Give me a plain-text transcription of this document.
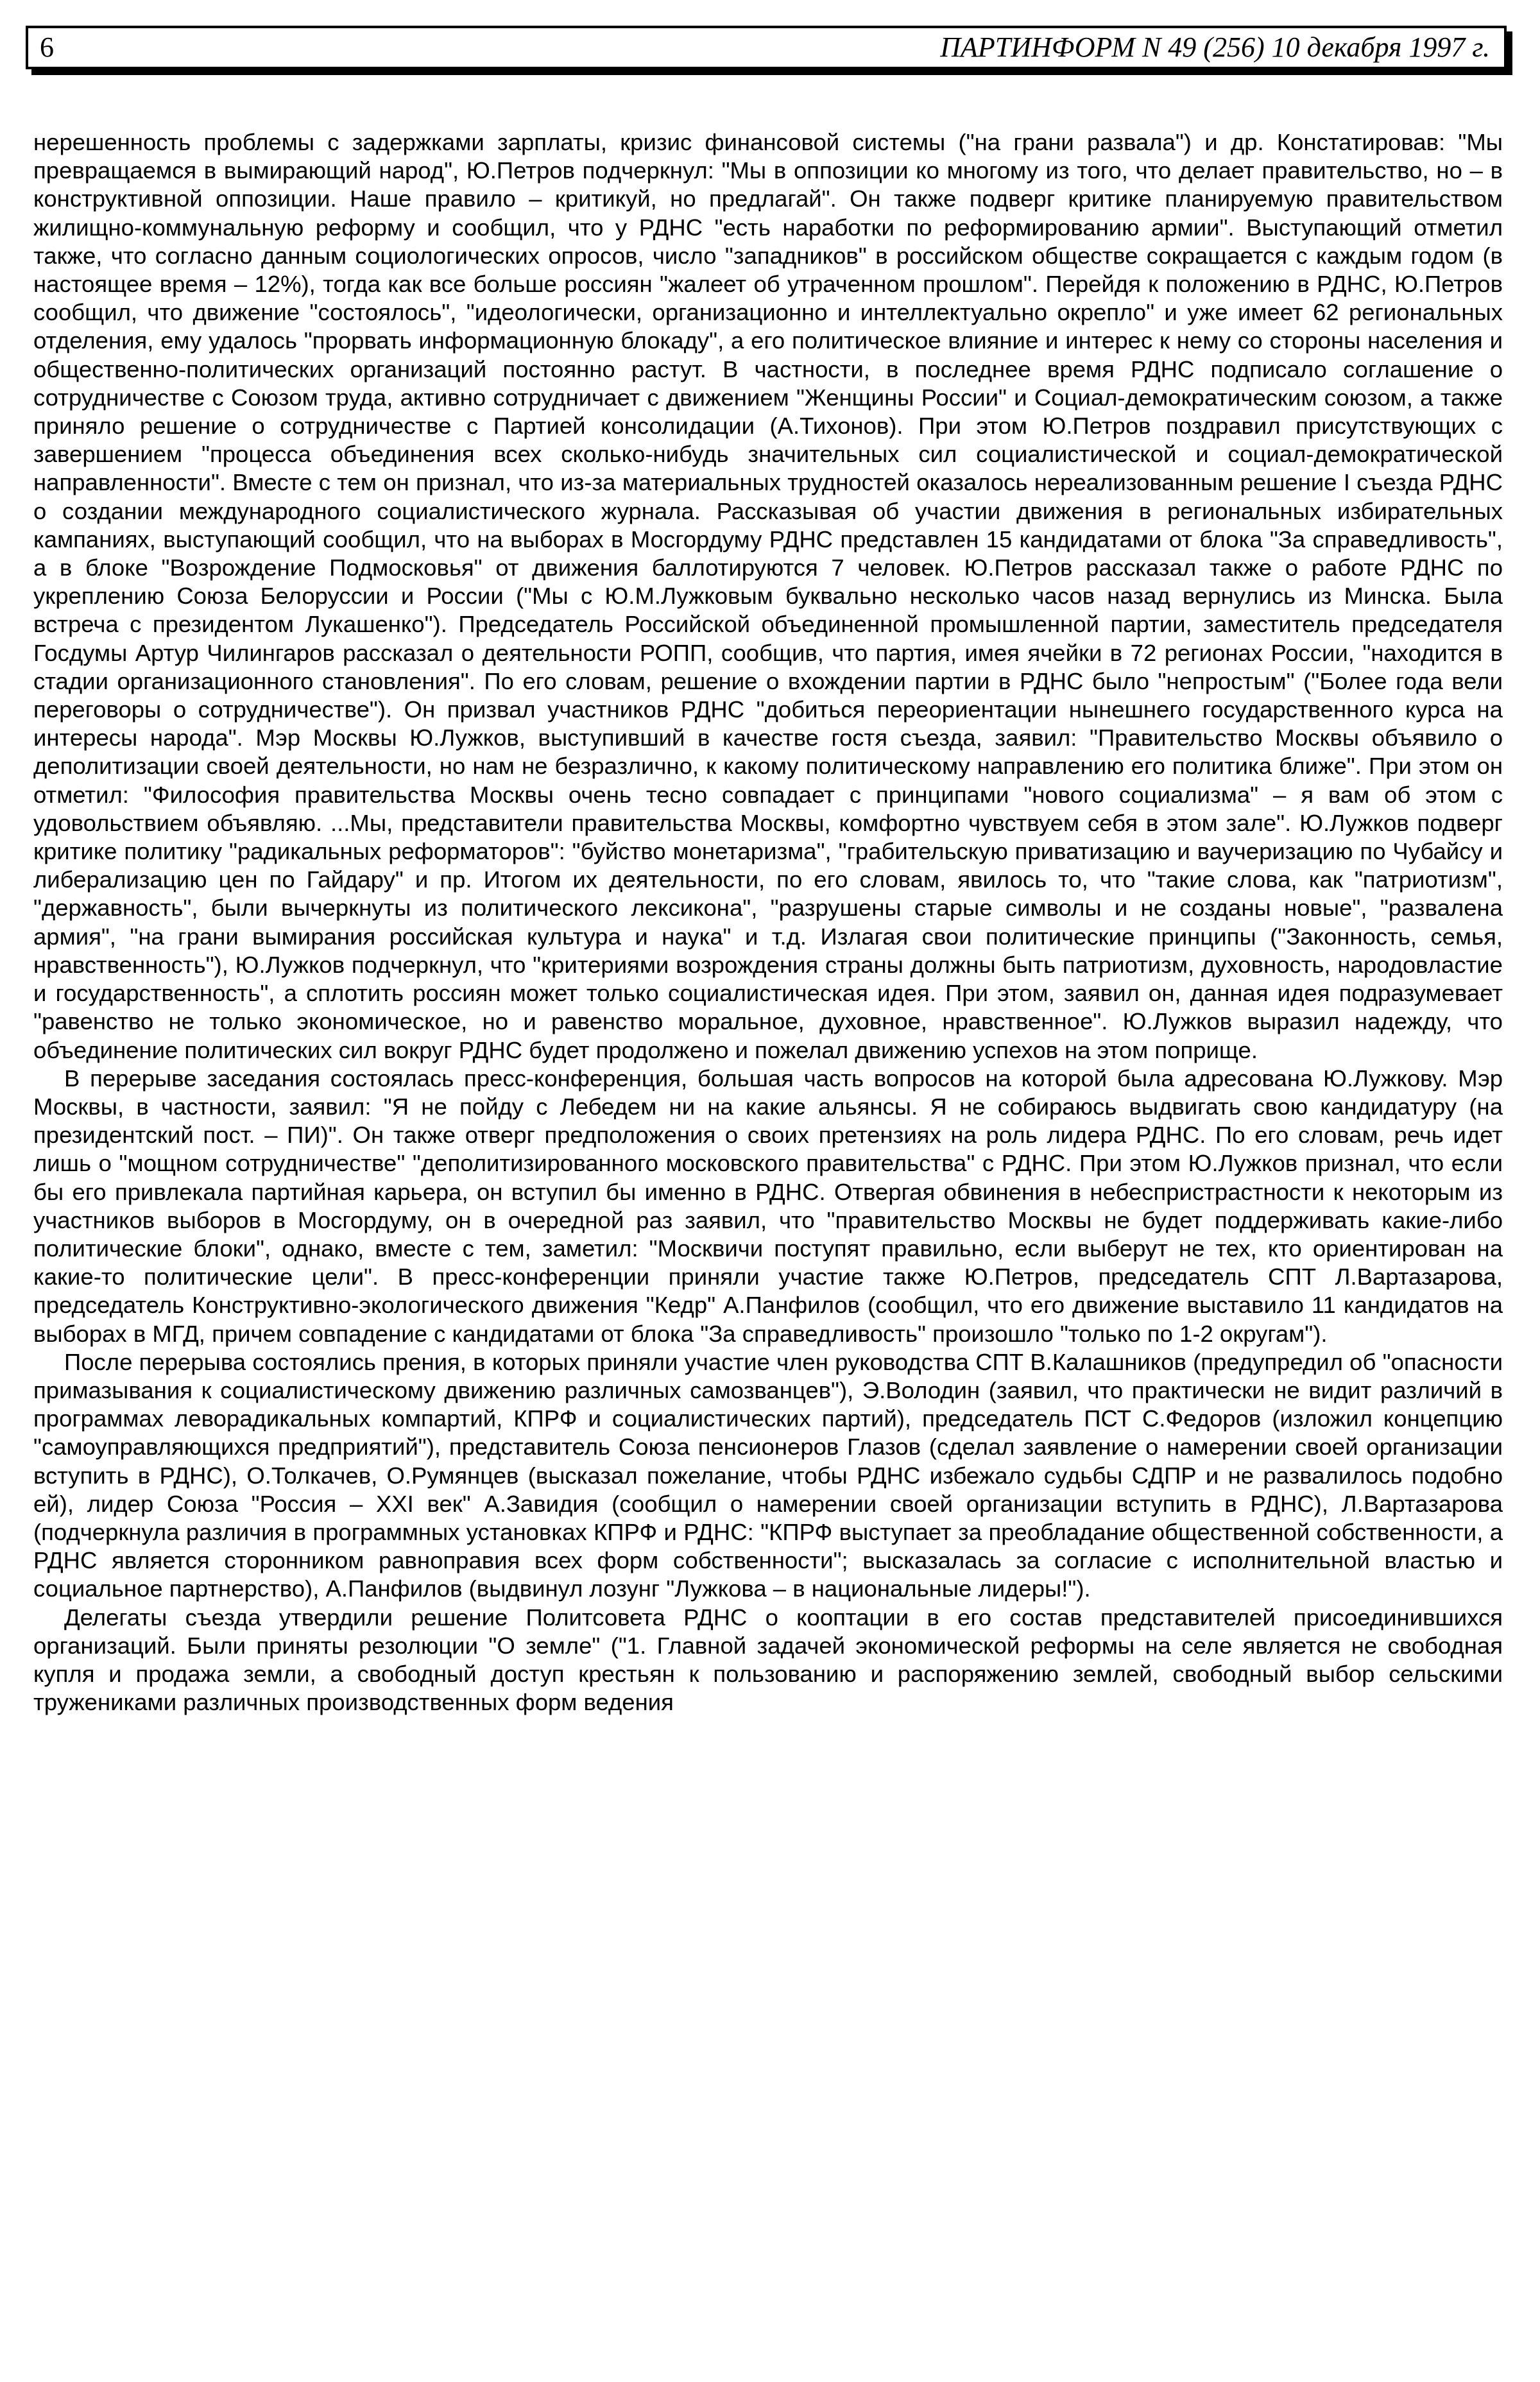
6	ПАРТИНФОРМ N 49 (256) 10 декабря 1997 г.

нерешенность проблемы с задержками зарплаты, кризис финансовой системы ("на грани развала") и др. Констатировав: "Мы превращаемся в вымирающий народ", Ю.Петров подчеркнул: "Мы в оппозиции ко многому из того, что делает правительство, но – в конструктивной оппозиции. Наше правило – критикуй, но предлагай". Он также подверг критике планируемую правительством жилищно-коммунальную реформу и сообщил, что у РДНС "есть наработки по реформированию армии". Выступающий отметил также, что согласно данным социологических опросов, число "западников" в российском обществе сокращается с каждым годом (в настоящее время – 12%), тогда как все больше россиян "жалеет об утраченном прошлом". Перейдя к положению в РДНС, Ю.Петров сообщил, что движение "состоялось", "идеологически, организационно и интеллектуально окрепло" и уже имеет 62 региональных отделения, ему удалось "прорвать информационную блокаду", а его политическое влияние и интерес к нему со стороны населения и общественно-политических организаций постоянно растут. В частности, в последнее время РДНС подписало соглашение о сотрудничестве с Союзом труда, активно сотрудничает с движением "Женщины России" и Социал-демократическим союзом, а также приняло решение о сотрудничестве с Партией консолидации (А.Тихонов). При этом Ю.Петров поздравил присутствующих с завершением "процесса объединения всех сколько-нибудь значительных сил социалистической и социал-демократической направленности". Вместе с тем он признал, что из-за материальных трудностей оказалось нереализованным решение I съезда РДНС о создании международного социалистического журнала. Рассказывая об участии движения в региональных избирательных кампаниях, выступающий сообщил, что на выборах в Мосгордуму РДНС представлен 15 кандидатами от блока "За справедливость", а в блоке "Возрождение Подмосковья" от движения баллотируются 7 человек. Ю.Петров рассказал также о работе РДНС по укреплению Союза Белоруссии и России ("Мы с Ю.М.Лужковым буквально несколько часов назад вернулись из Минска. Была встреча с президентом Лукашенко"). Председатель Российской объединенной промышленной партии, заместитель председателя Госдумы Артур Чилингаров рассказал о деятельности РОПП, сообщив, что партия, имея ячейки в 72 регионах России, "находится в стадии организационного становления". По его словам, решение о вхождении партии в РДНС было "непростым" ("Более года вели переговоры о сотрудничестве"). Он призвал участников РДНС "добиться переориентации нынешнего государственного курса на интересы народа". Мэр Москвы Ю.Лужков, выступивший в качестве гостя съезда, заявил: "Правительство Москвы объявило о деполитизации своей деятельности, но нам не безразлично, к какому политическому направлению его политика ближе". При этом он отметил: "Философия правительства Москвы очень тесно совпадает с принципами "нового социализма" – я вам об этом с удовольствием объявляю. ...Мы, представители правительства Москвы, комфортно чувствуем себя в этом зале". Ю.Лужков подверг критике политику "радикальных реформаторов": "буйство монетаризма", "грабительскую приватизацию и ваучеризацию по Чубайсу и либерализацию цен по Гайдару" и пр. Итогом их деятельности, по его словам, явилось то, что "такие слова, как "патриотизм", "державность", были вычеркнуты из политического лексикона", "разрушены старые символы и не созданы новые", "развалена армия", "на грани вымирания российская культура и наука" и т.д. Излагая свои политические принципы ("Законность, семья, нравственность"), Ю.Лужков подчеркнул, что "критериями возрождения страны должны быть патриотизм, духовность, народовластие и государственность", а сплотить россиян может только социалистическая идея. При этом, заявил он, данная идея подразумевает "равенство не только экономическое, но и равенство моральное, духовное, нравственное". Ю.Лужков выразил надежду, что объединение политических сил вокруг РДНС будет продолжено и пожелал движению успехов на этом поприще.

В перерыве заседания состоялась пресс-конференция, большая часть вопросов на которой была адресована Ю.Лужкову. Мэр Москвы, в частности, заявил: "Я не пойду с Лебедем ни на какие альянсы. Я не собираюсь выдвигать свою кандидатуру (на президентский пост. – ПИ)". Он также отверг предположения о своих претензиях на роль лидера РДНС. По его словам, речь идет лишь о "мощном сотрудничестве" "деполитизированного московского правительства" с РДНС. При этом Ю.Лужков признал, что если бы его привлекала партийная карьера, он вступил бы именно в РДНС. Отвергая обвинения в небеспристрастности к некоторым из участников выборов в Мосгордуму, он в очередной раз заявил, что "правительство Москвы не будет поддерживать какие-либо политические блоки", однако, вместе с тем, заметил: "Москвичи поступят правильно, если выберут не тех, кто ориентирован на какие-то политические цели". В пресс-конференции приняли участие также Ю.Петров, председатель СПТ Л.Вартазарова, председатель Конструктивно-экологического движения "Кедр" А.Панфилов (сообщил, что его движение выставило 11 кандидатов на выборах в МГД, причем совпадение с кандидатами от блока "За справедливость" произошло "только по 1-2 округам").

После перерыва состоялись прения, в которых приняли участие член руководства СПТ В.Калашников (предупредил об "опасности примазывания к социалистическому движению различных самозванцев"), Э.Володин (заявил, что практически не видит различий в программах леворадикальных компартий, КПРФ и социалистических партий), председатель ПСТ С.Федоров (изложил концепцию "самоуправляющихся предприятий"), представитель Союза пенсионеров Глазов (сделал заявление о намерении своей организации вступить в РДНС), О.Толкачев, О.Румянцев (высказал пожелание, чтобы РДНС избежало судьбы СДПР и не развалилось подобно ей), лидер Союза "Россия – XXI век" А.Завидия (сообщил о намерении своей организации вступить в РДНС), Л.Вартазарова (подчеркнула различия в программных установках КПРФ и РДНС: "КПРФ выступает за преобладание общественной собственности, а РДНС является сторонником равноправия всех форм собственности"; высказалась за согласие с исполнительной властью и социальное партнерство), А.Панфилов (выдвинул лозунг "Лужкова – в национальные лидеры!").

Делегаты съезда утвердили решение Политсовета РДНС о кооптации в его состав представителей присоединившихся организаций. Были приняты резолюции "О земле" ("1. Главной задачей экономической реформы на селе является не свободная купля и продажа земли, а свободный доступ крестьян к пользованию и распоряжению землей, свободный выбор сельскими тружениками различных производственных форм ведения
